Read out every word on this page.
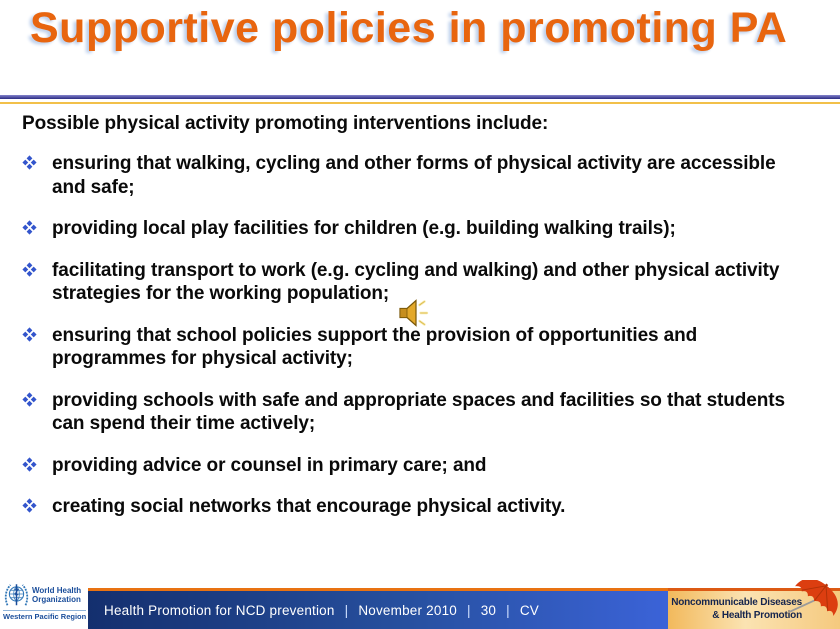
Supportive policies in promoting PA

Possible physical activity promoting interventions include:

ensuring that walking, cycling and other forms of physical activity are accessible and safe;
providing local play facilities for children (e.g. building walking trails);
facilitating transport to work (e.g. cycling and walking) and other physical activity strategies for the working population;
ensuring that school policies support the provision of opportunities and programmes for physical activity;
providing schools with safe and appropriate spaces and facilities so that students can spend their time actively;
providing advice or counsel in primary care; and
creating social networks that encourage physical activity.
World Health
Organization
Western Pacific Region Health Promotion for NCD prevention | November 2010 | 30 | CV	Noncommunicable Diseases
& Health Promotion
